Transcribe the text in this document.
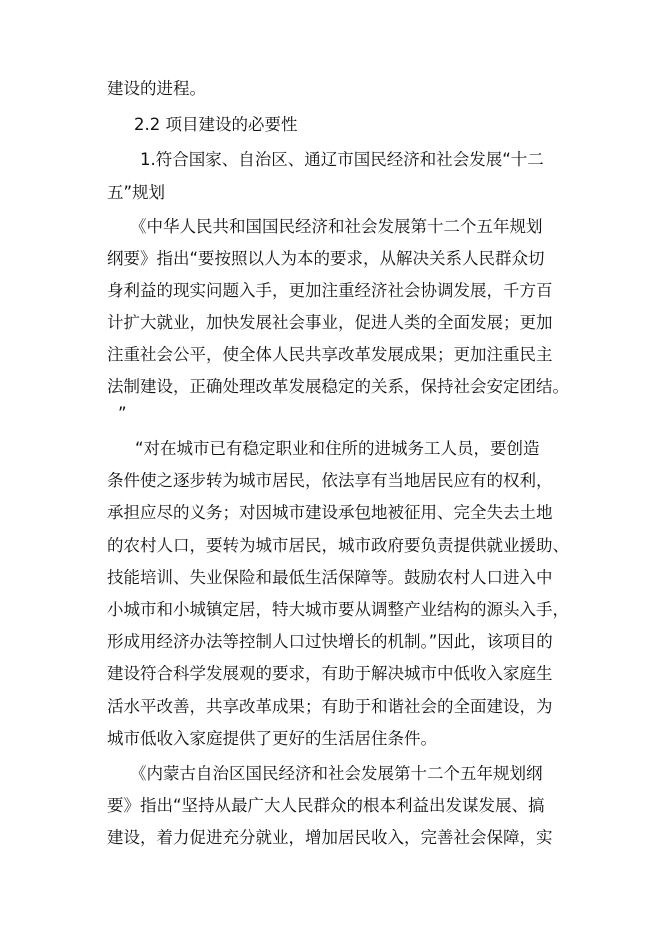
建设的进程。
2.2 项目建设的必要性
1.符合国家、自治区、通辽市国民经济和社会发展“十二
五”规划
《中华人民共和国国民经济和社会发展第十二个五年规划
纲要》指出“要按照以人为本的要求，从解决关系人民群众切
身利益的现实问题入手，更加注重经济社会协调发展，千方百
计扩大就业，加快发展社会事业，促进人类的全面发展；更加
注重社会公平，使全体人民共享改革发展成果；更加注重民主
法制建设，正确处理改革发展稳定的关系，保持社会安定团结。
”
“对在城市已有稳定职业和住所的进城务工人员，要创造
条件使之逐步转为城市居民，依法享有当地居民应有的权利，
承担应尽的义务；对因城市建设承包地被征用、完全失去土地
的农村人口，要转为城市居民，城市政府要负责提供就业援助、
技能培训、失业保险和最低生活保障等。鼓励农村人口进入中
小城市和小城镇定居，特大城市要从调整产业结构的源头入手，
形成用经济办法等控制人口过快增长的机制。”因此，该项目的
建设符合科学发展观的要求，有助于解决城市中低收入家庭生
活水平改善，共享改革成果；有助于和谐社会的全面建设，为
城市低收入家庭提供了更好的生活居住条件。
《内蒙古自治区国民经济和社会发展第十二个五年规划纲
要》指出“坚持从最广大人民群众的根本利益出发谋发展、搞
建设，着力促进充分就业，增加居民收入，完善社会保障，实
